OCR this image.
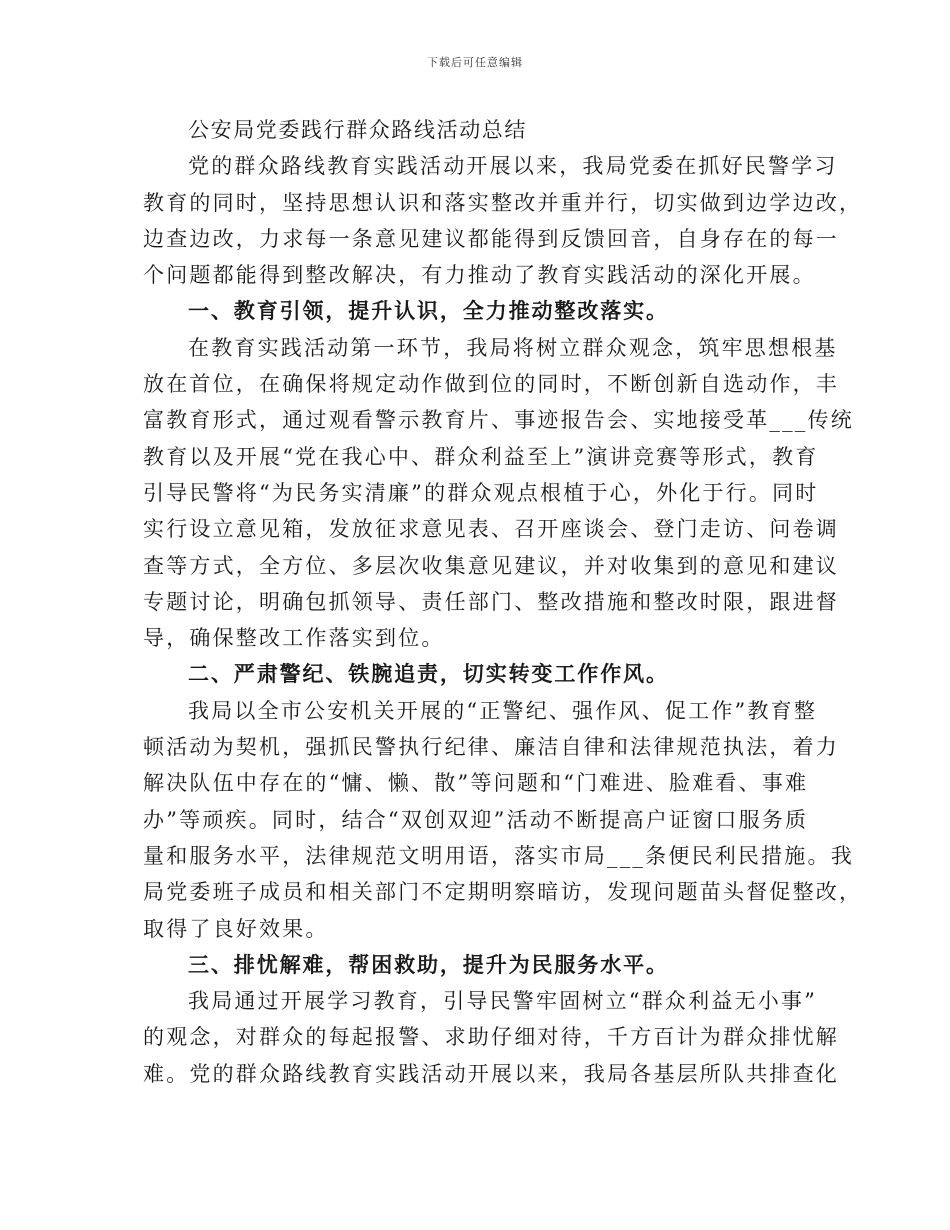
下载后可任意编辑
公安局党委践行群众路线活动总结
党的群众路线教育实践活动开展以来，我局党委在抓好民警学习
教育的同时，坚持思想认识和落实整改并重并行，切实做到边学边改，
边查边改，力求每一条意见建议都能得到反馈回音，自身存在的每一
个问题都能得到整改解决，有力推动了教育实践活动的深化开展。
一、教育引领，提升认识，全力推动整改落实。
在教育实践活动第一环节，我局将树立群众观念，筑牢思想根基
放在首位，在确保将规定动作做到位的同时，不断创新自选动作，丰
富教育形式，通过观看警示教育片、事迹报告会、实地接受革___传统
教育以及开展“党在我心中、群众利益至上”演讲竞赛等形式，教育
引导民警将“为民务实清廉”的群众观点根植于心，外化于行。同时
实行设立意见箱，发放征求意见表、召开座谈会、登门走访、问卷调
查等方式，全方位、多层次收集意见建议，并对收集到的意见和建议
专题讨论，明确包抓领导、责任部门、整改措施和整改时限，跟进督
导，确保整改工作落实到位。
二、严肃警纪、铁腕追责，切实转变工作作风。
我局以全市公安机关开展的“正警纪、强作风、促工作”教育整
顿活动为契机，强抓民警执行纪律、廉洁自律和法律规范执法，着力
解决队伍中存在的“慵、懒、散”等问题和“门难进、脸难看、事难
办”等顽疾。同时，结合“双创双迎”活动不断提高户证窗口服务质
量和服务水平，法律规范文明用语，落实市局___条便民利民措施。我
局党委班子成员和相关部门不定期明察暗访，发现问题苗头督促整改，
取得了良好效果。
三、排忧解难，帮困救助，提升为民服务水平。
我局通过开展学习教育，引导民警牢固树立“群众利益无小事”
的观念，对群众的每起报警、求助仔细对待，千方百计为群众排忧解
难。党的群众路线教育实践活动开展以来，我局各基层所队共排查化
